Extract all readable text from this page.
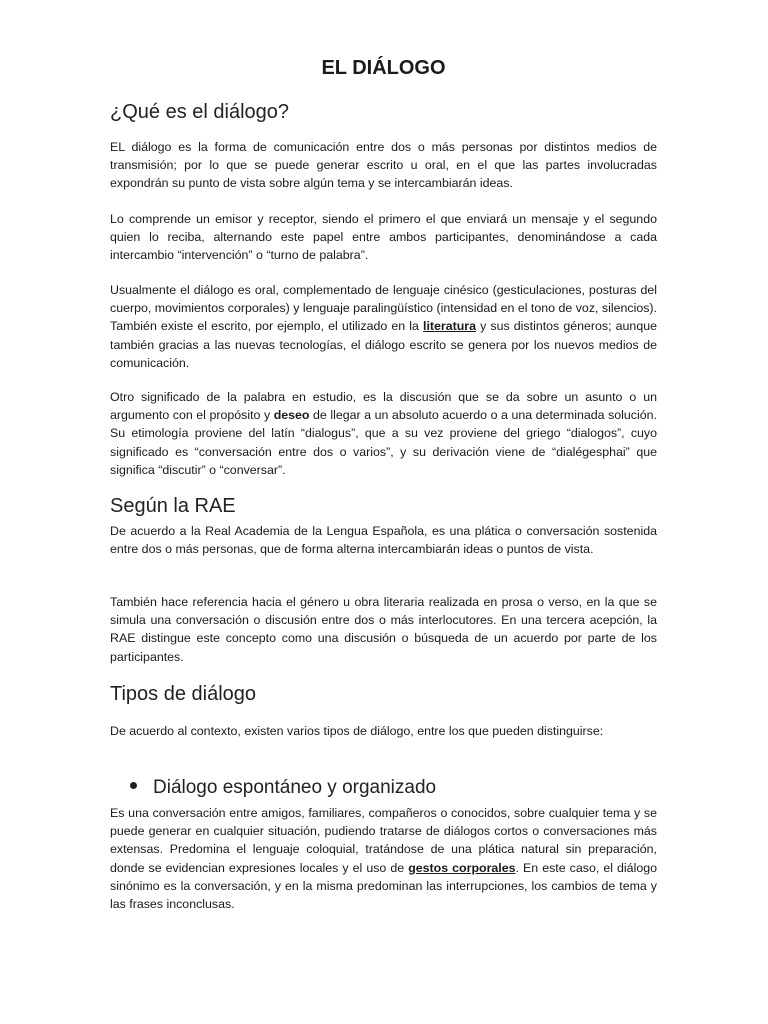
EL DIÁLOGO
¿Qué es el diálogo?

EL diálogo es la forma de comunicación entre dos o más personas por distintos medios de transmisión; por lo que se puede generar escrito u oral, en el que las partes involucradas expondrán su punto de vista sobre algún tema y se intercambiarán ideas.

Lo comprende un emisor y receptor, siendo el primero el que enviará un mensaje y el segundo quien lo reciba, alternando este papel entre ambos participantes, denominándose a cada intercambio “intervención” o “turno de palabra”.

Usualmente el diálogo es oral, complementado de lenguaje cinésico (gesticulaciones, posturas del cuerpo, movimientos corporales) y lenguaje paralingüístico (intensidad en el tono de voz, silencios). También existe el escrito, por ejemplo, el utilizado en la literatura y sus distintos géneros; aunque también gracias a las nuevas tecnologías, el diálogo escrito se genera por los nuevos medios de comunicación.

Otro significado de la palabra en estudio, es la discusión que se da sobre un asunto o un argumento con el propósito y deseo de llegar a un absoluto acuerdo o a una determinada solución. Su etimología proviene del latín “dialogus”, que a su vez proviene del griego “dialogos”, cuyo significado es “conversación entre dos o varios”, y su derivación viene de “dialégesphai” que significa “discutir” o “conversar”.

Según la RAE

De acuerdo a la Real Academia de la Lengua Española, es una plática o conversación sostenida entre dos o más personas, que de forma alterna intercambiarán ideas o puntos de vista.

También hace referencia hacia el género u obra literaria realizada en prosa o verso, en la que se simula una conversación o discusión entre dos o más interlocutores. En una tercera acepción, la RAE distingue este concepto como una discusión o búsqueda de un acuerdo por parte de los participantes.

Tipos de diálogo

De acuerdo al contexto, existen varios tipos de diálogo, entre los que pueden distinguirse:

Diálogo espontáneo y organizado

Es una conversación entre amigos, familiares, compañeros o conocidos, sobre cualquier tema y se puede generar en cualquier situación, pudiendo tratarse de diálogos cortos o conversaciones más extensas. Predomina el lenguaje coloquial, tratándose de una plática natural sin preparación, donde se evidencian expresiones locales y el uso de gestos corporales. En este caso, el diálogo sinónimo es la conversación, y en la misma predominan las interrupciones, los cambios de tema y las frases inconclusas.
